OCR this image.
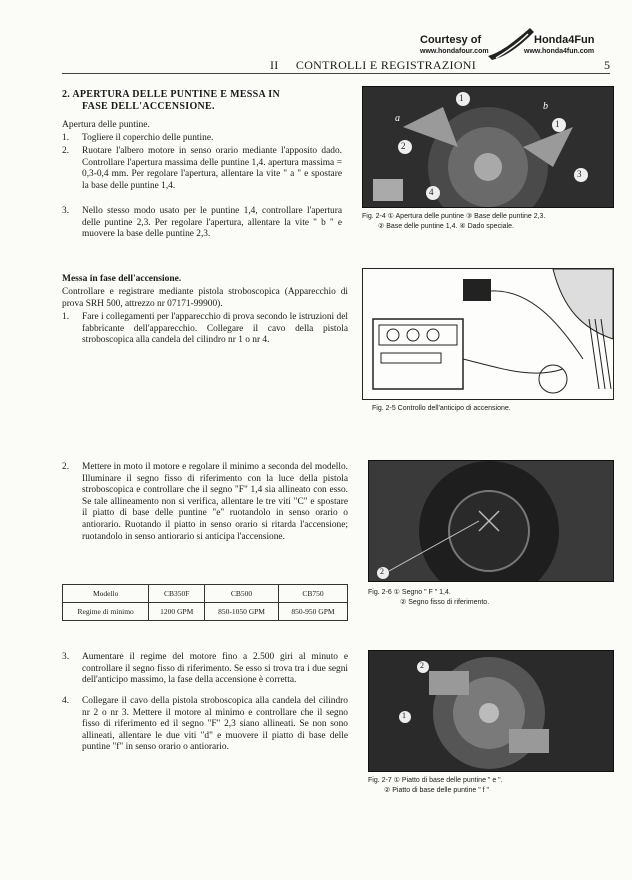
Courtesy of	Honda4Fun
www.hondafour.com	www.honda4fun.com
II CONTROLLI E REGISTRAZIONI	5
2. APERTURA DELLE PUNTINE E MESSA IN
FASE DELL'ACCENSIONE.
Apertura delle puntine.
1. Togliere il coperchio delle puntine.
2. Ruotare l'albero motore in senso orario mediante l'apposito dado. Controllare l'apertura massima delle puntine 1,4. apertura massima = 0,3-0,4 mm. Per regolare l'apertura, allentare la vite " a " e spostare la base delle puntine 1,4.
3. Nello stesso modo usato per le puntine 1,4, controllare l'apertura delle puntine 2,3. Per regolare l'apertura, allentare la vite " b " e muovere la base delle puntine 2,3.
1
2
3
4
1
a
b
Fig. 2-4 ① Apertura delle puntine ③ Base delle puntine 2,3.
② Base delle puntine 1,4. ④ Dado speciale.
Messa in fase dell'accensione.
Controllare e registrare mediante pistola stroboscopica (Apparecchio di prova SRH 500, attrezzo nr 07171-99900).
1. Fare i collegamenti per l'apparecchio di prova secondo le istruzioni del fabbricante dell'apparecchio. Collegare il cavo della pistola stroboscopica alla candela del cilindro nr 1 o nr 4.
Fig. 2-5 Controllo dell'anticipo di accensione.
2. Mettere in moto il motore e regolare il minimo a seconda del modello. Illuminare il segno fisso di riferimento con la luce della pistola stroboscopica e controllare che il segno "F" 1,4 sia allineato con esso. Se tale allineamento non si verifica, allentare le tre viti "C" e spostare il piatto di base delle puntine "e" ruotandolo in senso orario o antiorario. Ruotando il piatto in senso orario si ritarda l'accensione; ruotandolo in senso antiorario si anticipa l'accensione.
Modello	CB350F	CB500	CB750
Regime di minimo	1200 GPM	850-1050 GPM	850-950 GPM
2
Fig. 2-6 ① Segno " F " 1,4.
② Segno fisso di riferimento.
3. Aumentare il regime del motore fino a 2.500 giri al minuto e controllare il segno fisso di riferimento. Se esso si trova tra i due segni dell'anticipo massimo, la fase della accensione è corretta.
4. Collegare il cavo della pistola stroboscopica alla candela del cilindro nr 2 o nr 3. Mettere il motore al minimo e controllare che il segno fisso di riferimento ed il segno "F" 2,3 siano allineati. Se non sono allineati, allentare le due viti "d" e muovere il piatto di base delle puntine "f" in senso orario o antiorario.
2
1
Fig. 2-7 ① Piatto di base delle puntine " e ".
② Piatto di base delle puntine " f "
